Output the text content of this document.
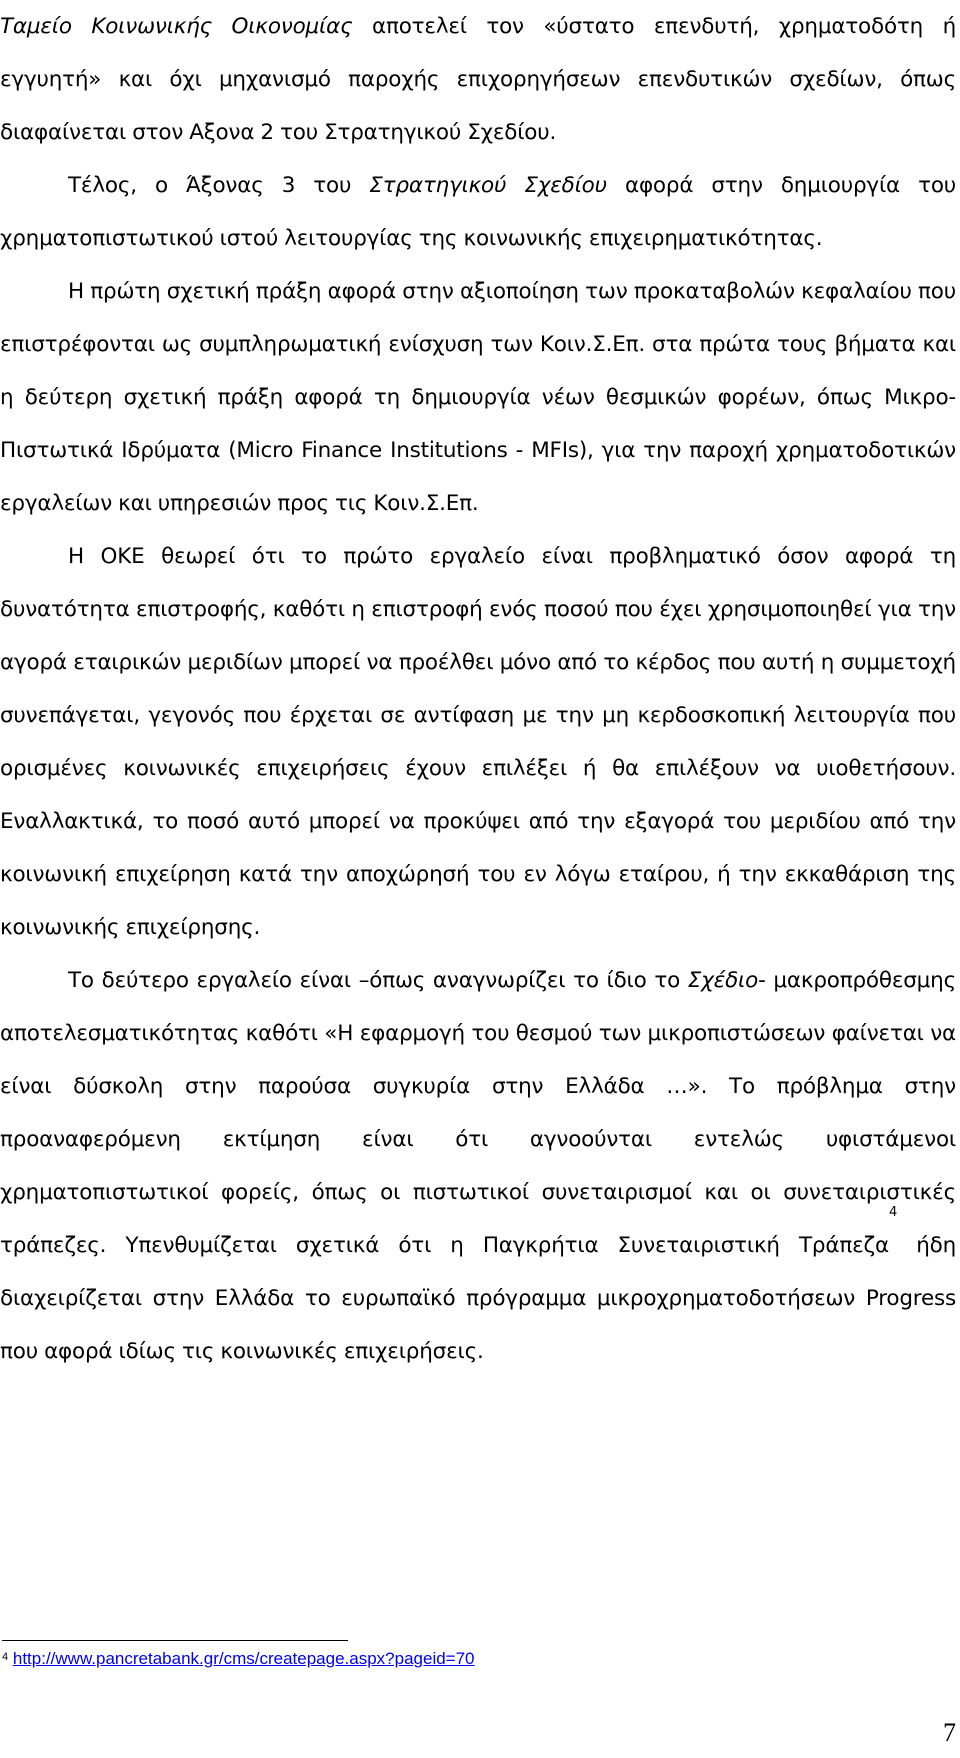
Ταμείο Κοινωνικής Οικονομίας αποτελεί τον «ύστατο επενδυτή, χρηματοδότη ή εγγυητή» και όχι μηχανισμό παροχής επιχορηγήσεων επενδυτικών σχεδίων, όπως διαφαίνεται στον Αξονα 2 του Στρατηγικού Σχεδίου.

Τέλος, ο Άξονας 3 του Στρατηγικού Σχεδίου αφορά στην δημιουργία του χρηματοπιστωτικού ιστού λειτουργίας της κοινωνικής επιχειρηματικότητας.

Η πρώτη σχετική πράξη αφορά στην αξιοποίηση των προκαταβολών κεφαλαίου που επιστρέφονται ως συμπληρωματική ενίσχυση των Κοιν.Σ.Επ. στα πρώτα τους βήματα και η δεύτερη σχετική πράξη αφορά τη δημιουργία νέων θεσμικών φορέων, όπως Μικρο-Πιστωτικά Ιδρύματα (Micro Finance Institutions - MFIs), για την παροχή χρηματοδοτικών εργαλείων και υπηρεσιών προς τις Κοιν.Σ.Επ.

Η ΟΚΕ θεωρεί ότι το πρώτο εργαλείο είναι προβληματικό όσον αφορά τη δυνατότητα επιστροφής, καθότι η επιστροφή ενός ποσού που έχει χρησιμοποιηθεί για την αγορά εταιρικών μεριδίων μπορεί να προέλθει μόνο από το κέρδος που αυτή η συμμετοχή συνεπάγεται, γεγονός που έρχεται σε αντίφαση με την μη κερδοσκοπική λειτουργία που ορισμένες κοινωνικές επιχειρήσεις έχουν επιλέξει ή θα επιλέξουν να υιοθετήσουν. Εναλλακτικά, το ποσό αυτό μπορεί να προκύψει από την εξαγορά του μεριδίου από την κοινωνική επιχείρηση κατά την αποχώρησή του εν λόγω εταίρου, ή την εκκαθάριση της κοινωνικής επιχείρησης.

Το δεύτερο εργαλείο είναι –όπως αναγνωρίζει το ίδιο το Σχέδιο- μακροπρόθεσμης αποτελεσματικότητας καθότι «Η εφαρμογή του θεσμού των μικροπιστώσεων φαίνεται να είναι δύσκολη στην παρούσα συγκυρία στην Ελλάδα …». Το πρόβλημα στην προαναφερόμενη εκτίμηση είναι ότι αγνοούνται εντελώς υφιστάμενοι χρηματοπιστωτικοί φορείς, όπως οι πιστωτικοί συνεταιρισμοί και οι συνεταιριστικές τράπεζες. Υπενθυμίζεται σχετικά ότι η Παγκρήτια Συνεταιριστική Τράπεζα$^4$ ήδη διαχειρίζεται στην Ελλάδα το ευρωπαϊκό πρόγραμμα μικροχρηματοδοτήσεων Progress που αφορά ιδίως τις κοινωνικές επιχειρήσεις.

$^4$ http://www.pancretabank.gr/cms/createpage.aspx?pageid=70
7
